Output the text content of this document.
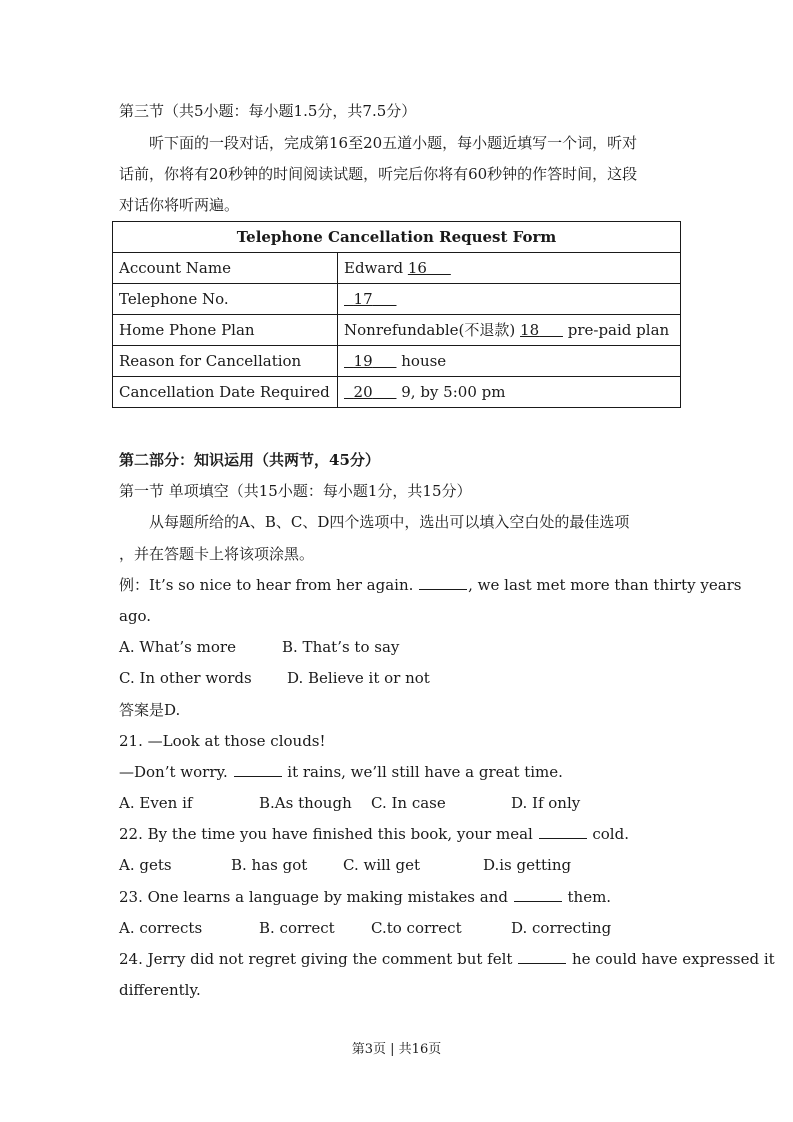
第三节（共5小题：每小题1.5分，共7.5分）
听下面的一段对话，完成第16至20五道小题，每小题近填写一个词，听对
话前，你将有20秒钟的时间阅读试题，听完后你将有60秒钟的作答时间，这段
对话你将听两遍。
Telephone Cancellation Request Form	
Account Name	Edward 16
Telephone No.	17
Home Phone Plan	Nonrefundable(不退款) 18      pre-paid plan
Reason for Cancellation	19      house
Cancellation Date Required	20      9, by 5:00 pm
第二部分：知识运用（共两节，45分）
第一节 单项填空（共15小题：每小题1分，共15分）
从每题所给的A、B、C、D四个选项中，选出可以填入空白处的最佳选项
，并在答题卡上将该项涂黑。
例：It’s so nice to hear from her again.	, we last met more than thirty years
ago.
A. What’s more	B. That’s to say
C. In other words D. Believe it or not
答案是D.
21. —Look at those clouds!
—Don’t worry.	it rains, we’ll still have a great time.
A. Even if	B.As though C. In case	D. If only
22. By the time you have finished this book, your meal	cold.
A. gets	B. has got C. will get	D.is getting
23. One learns a language by making mistakes and	them.
A. corrects	B. correct C.to correct	D. correcting
24. Jerry did not regret giving the comment but felt	he could have expressed it
differently.
第3页 | 共16页
